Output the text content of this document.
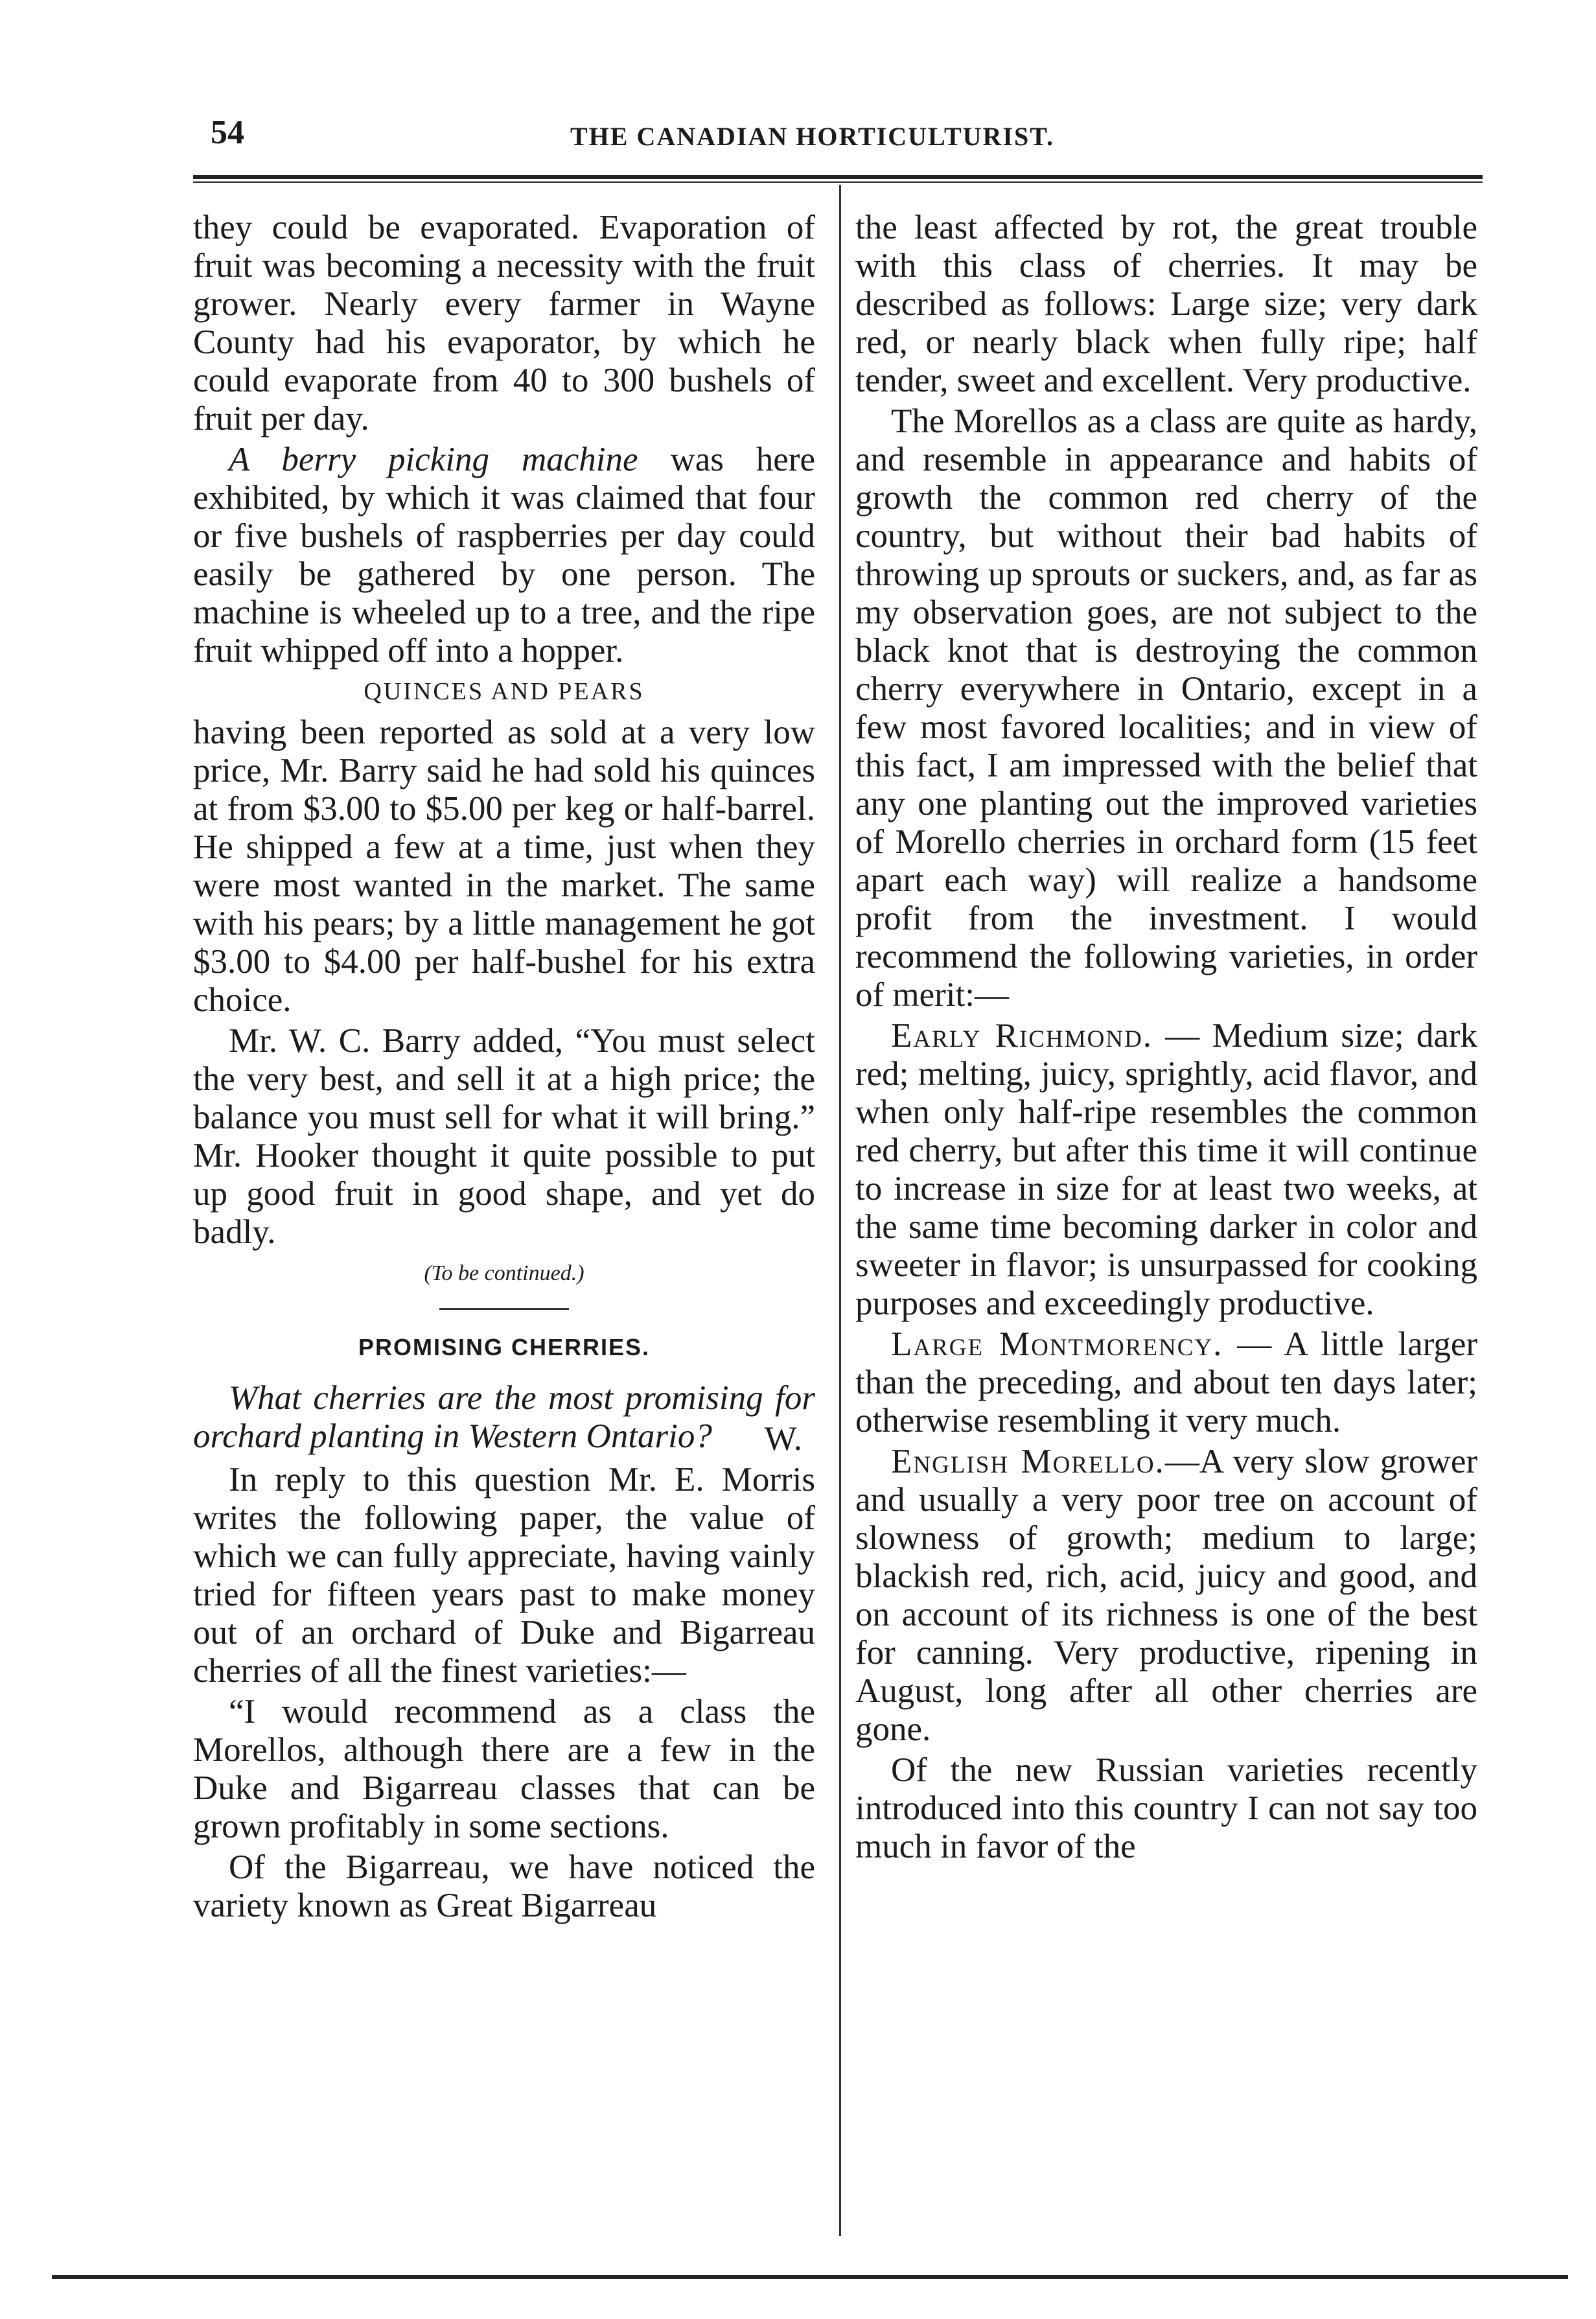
54	THE CANADIAN HORTICULTURIST.

they could be evaporated. Evaporation of fruit was becoming a necessity with the fruit grower. Nearly every farmer in Wayne County had his evaporator, by which he could evaporate from 40 to 300 bushels of fruit per day.

A berry picking machine was here exhibited, by which it was claimed that four or five bushels of raspberries per day could easily be gathered by one person. The machine is wheeled up to a tree, and the ripe fruit whipped off into a hopper.

QUINCES AND PEARS

having been reported as sold at a very low price, Mr. Barry said he had sold his quinces at from $3.00 to $5.00 per keg or half-barrel. He shipped a few at a time, just when they were most wanted in the market. The same with his pears; by a little management he got $3.00 to $4.00 per half-bushel for his extra choice.

Mr. W. C. Barry added, “You must select the very best, and sell it at a high price; the balance you must sell for what it will bring.” Mr. Hooker thought it quite possible to put up good fruit in good shape, and yet do badly.

(To be continued.)
PROMISING CHERRIES.

What cherries are the most promising for orchard planting in Western Ontario?	W.

In reply to this question Mr. E. Morris writes the following paper, the value of which we can fully appreciate, having vainly tried for fifteen years past to make money out of an orchard of Duke and Bigarreau cherries of all the finest varieties:—

“I would recommend as a class the Morellos, although there are a few in the Duke and Bigarreau classes that can be grown profitably in some sections.

Of the Bigarreau, we have noticed the variety known as Great Bigarreau

the least affected by rot, the great trouble with this class of cherries. It may be described as follows: Large size; very dark red, or nearly black when fully ripe; half tender, sweet and excellent. Very productive.

The Morellos as a class are quite as hardy, and resemble in appearance and habits of growth the common red cherry of the country, but without their bad habits of throwing up sprouts or suckers, and, as far as my observation goes, are not subject to the black knot that is destroying the common cherry everywhere in Ontario, except in a few most favored localities; and in view of this fact, I am impressed with the belief that any one planting out the improved varieties of Morello cherries in orchard form (15 feet apart each way) will realize a handsome profit from the investment. I would recommend the following varieties, in order of merit:—

Early Richmond. — Medium size; dark red; melting, juicy, sprightly, acid flavor, and when only half-ripe resembles the common red cherry, but after this time it will continue to increase in size for at least two weeks, at the same time becoming darker in color and sweeter in flavor; is unsurpassed for cooking purposes and exceedingly productive.

Large Montmorency. — A little larger than the preceding, and about ten days later; otherwise resembling it very much.

English Morello.—A very slow grower and usually a very poor tree on account of slowness of growth; medium to large; blackish red, rich, acid, juicy and good, and on account of its richness is one of the best for canning. Very productive, ripening in August, long after all other cherries are gone.

Of the new Russian varieties recently introduced into this country I can not say too much in favor of the
